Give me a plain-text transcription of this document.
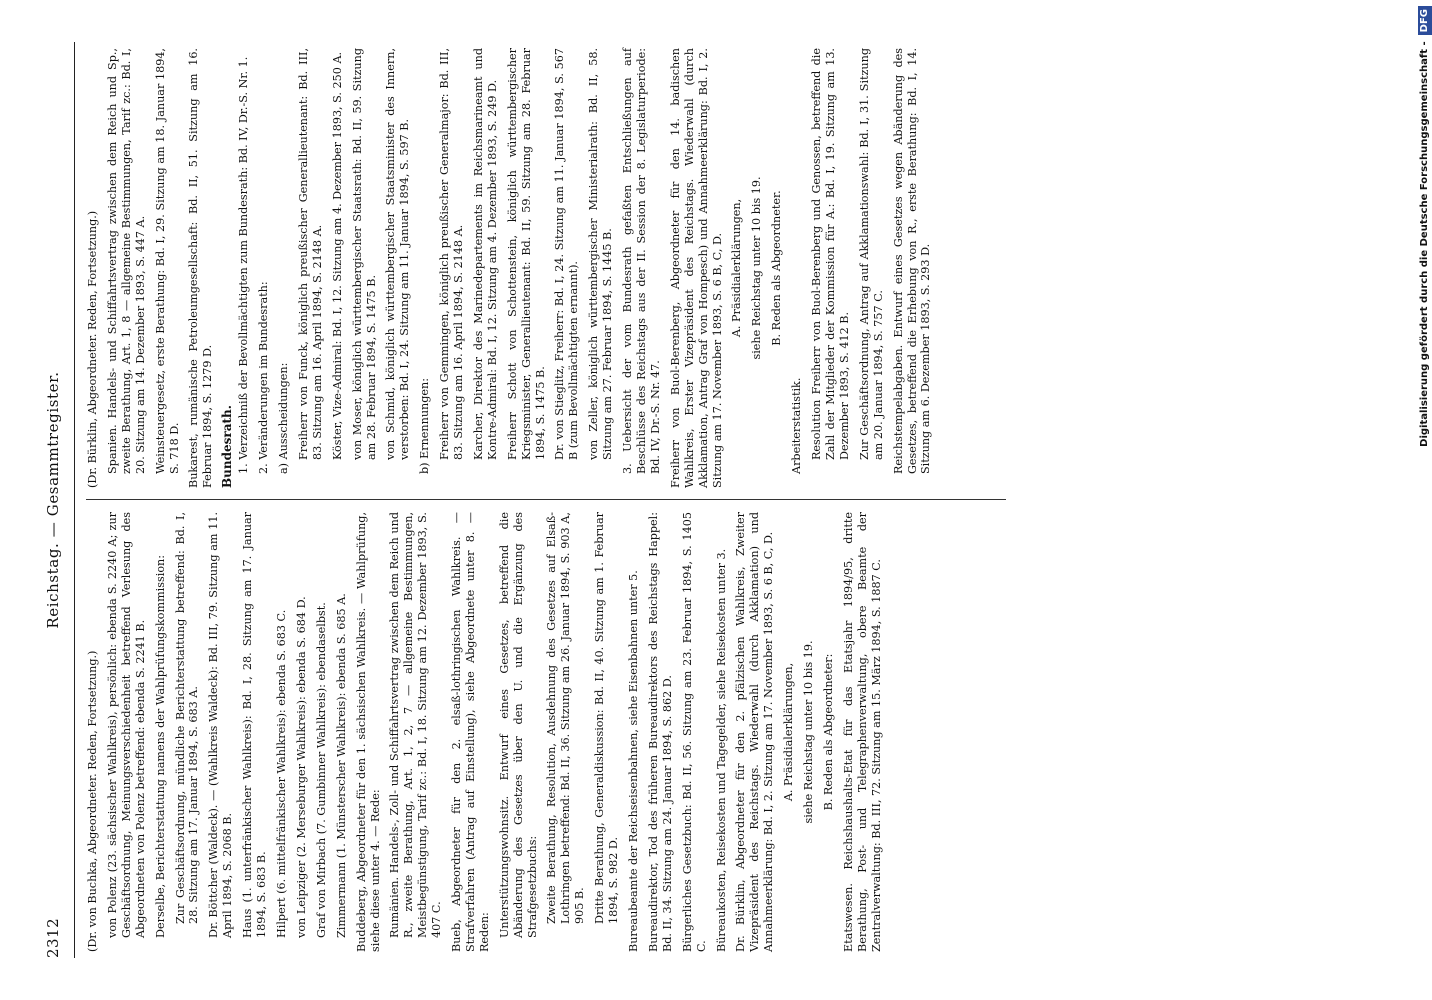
2312
Reichstag. — Gesammtregister.

(Dr. von Buchka, Abgeordneter. Reden, Fortsetzung.) von Polenz (23. sächsischer Wahlkreis), persönlich: ebenda S. 2240 A; zur Geschäftsordnung, Meinungsverschiedenheit betreffend Verlesung des Abgeordneten von Polenz betreffend: ebenda S. 2241 B. Derselbe, Berichterstattung namens der Wahlprüfungskommission: Zur Geschäftsordnung, mündliche Berichterstattung betreffend: Bd. I, 28. Sitzung am 17. Januar 1894, S. 683 A. Dr. Böttcher (Waldeck). — (Wahlkreis Waldeck): Bd. III, 79. Sitzung am 11. April 1894, S. 2068 B. Haus (1. unterfränkischer Wahlkreis): Bd. I, 28. Sitzung am 17. Januar 1894, S. 683 B. Hilpert (6. mittelfränkischer Wahlkreis): ebenda S. 683 C. von Leipziger (2. Merseburger Wahlkreis): ebenda S. 684 D. Graf von Mirbach (7. Gumbinner Wahlkreis): ebendaselbst. Zimmermann (1. Münsterscher Wahlkreis): ebenda S. 685 A. Buddeberg, Abgeordneter für den 1. sächsischen Wahlkreis. — Wahlprüfung, siehe diese unter 4. — Rede: Rumänien. Handels-, Zoll- und Schiffahrtsvertrag zwischen dem Reich und R., zweite Berathung, Art. 1, 2, 7 — allgemeine Bestimmungen, Meistbegünstigung, Tarif zc.: Bd. I, 18. Sitzung am 12. Dezember 1893, S. 407 C. Bueb, Abgeordneter für den 2. elsaß-lothringischen Wahlkreis. — Strafverfahren (Antrag auf Einstellung), siehe Abgeordnete unter 8. — Reden: Unterstützungswohnsitz. Entwurf eines Gesetzes, betreffend die Abänderung des Gesetzes über den U. und die Ergänzung des Strafgesetzbuchs: Zweite Berathung, Resolution, Ausdehnung des Gesetzes auf Elsaß-Lothringen betreffend: Bd. II, 36. Sitzung am 26. Januar 1894, S. 903 A, 905 B. Dritte Berathung, Generaldiskussion: Bd. II, 40. Sitzung am 1. Februar 1894, S. 982 D. Bureaubeamte der Reichseisenbahnen, siehe Eisenbahnen unter 5. Bureaudirektor, Tod des früheren Bureaudirektors des Reichstags Happel: Bd. II, 34. Sitzung am 24. Januar 1894, S. 862 D. Bürgerliches Gesetzbuch: Bd. II, 56. Sitzung am 23. Februar 1894, S. 1405 C. Büreaukosten, Reisekosten und Tagegelder, siehe Reisekosten unter 3. Dr. Bürklin, Abgeordneter für den 2. pfälzischen Wahlkreis, Zweiter Vizepräsident des Reichstags. Wiederwahl (durch Akklamation) und Annahmeerklärung: Bd. I, 2. Sitzung am 17. November 1893, S. 6 B, C, D. A. Präsidialerklärungen, siehe Reichstag unter 10 bis 19. B. Reden als Abgeordneter: Etatswesen. Reichshaushalts-Etat für das Etatsjahr 1894/95, dritte Berathung, Post- und Telegraphenverwaltung, obere Beamte der Zentralverwaltung: Bd. III, 72. Sitzung am 15. März 1894, S. 1887 C.

(Dr. Bürklin, Abgeordneter. Reden, Fortsetzung.) Spanien. Handels- und Schiffahrtsvertrag zwischen dem Reich und Sp., zweite Berathung, Art. 1, 8 — allgemeine Bestimmungen, Tarif zc.: Bd. I, 20. Sitzung am 14. Dezember 1893, S. 447 A. Weinsteuergesetz, erste Berathung: Bd. I, 29. Sitzung am 18. Januar 1894, S. 718 D. Bukarest, rumänische Petroleumgesellschaft: Bd. II, 51. Sitzung am 16. Februar 1894, S. 1279 D. Bundesrath. 1. Verzeichniß der Bevollmächtigten zum Bundesrath: Bd. IV, Dr.-S. Nr. 1. 2. Veränderungen im Bundesrath: a) Ausscheidungen: Freiherr von Funck, königlich preußischer Generallieutenant: Bd. III, 83. Sitzung am 16. April 1894, S. 2148 A. Köster, Vize-Admiral: Bd. I, 12. Sitzung am 4. Dezember 1893, S. 250 A. von Moser, königlich württembergischer Staatsrath: Bd. II, 59. Sitzung am 28. Februar 1894, S. 1475 B. von Schmid, königlich württembergischer Staatsminister des Innern, verstorben: Bd. I, 24. Sitzung am 11. Januar 1894, S. 597 B. b) Ernennungen: Freiherr von Gemmingen, königlich preußischer Generalmajor: Bd. III, 83. Sitzung am 16. April 1894, S. 2148 A. Karcher, Direktor des Marinedepartements im Reichsmarineamt und Kontre-Admiral: Bd. I, 12. Sitzung am 4. Dezember 1893, S. 249 D. Freiherr Schott von Schottenstein, königlich württembergischer Kriegsminister, Generallieutenant: Bd. II, 59. Sitzung am 28. Februar 1894, S. 1475 B. Dr. von Stieglitz, Freiherr: Bd. I, 24. Sitzung am 11. Januar 1894, S. 567 B (zum Bevollmächtigten ernannt). von Zeller, königlich württembergischer Ministerialrath: Bd. II, 58. Sitzung am 27. Februar 1894, S. 1445 B. 3. Uebersicht der vom Bundesrath gefaßten Entschließungen auf Beschlüsse des Reichstags aus der II. Session der 8. Legislaturperiode: Bd. IV, Dr.-S. Nr. 47. Freiherr von Buol-Berenberg, Abgeordneter für den 14. badischen Wahlkreis, Erster Vizepräsident des Reichstags. Wiederwahl (durch Akklamation, Antrag Graf von Hompesch) und Annahmeerklärung: Bd. I, 2. Sitzung am 17. November 1893, S. 6 B, C, D. A. Präsidialerklärungen, siehe Reichstag unter 10 bis 19. B. Reden als Abgeordneter.

Arbeiterstatistik. Resolution Freiherr von Buol-Berenberg und Genossen, betreffend die Zahl der Mitglieder der Kommission für A.: Bd. I, 19. Sitzung am 13. Dezember 1893, S. 412 B. Zur Geschäftsordnung, Antrag auf Akklamationswahl: Bd. I, 31. Sitzung am 20. Januar 1894, S. 757 C. Reichstempelabgaben. Entwurf eines Gesetzes wegen Abänderung des Gesetzes, betreffend die Erhebung von R., erste Berathung: Bd. I, 14. Sitzung am 6. Dezember 1893, S. 293 D.	Digitalisierung gefördert durch die Deutsche Forschungsgemeinschaft -DFG
